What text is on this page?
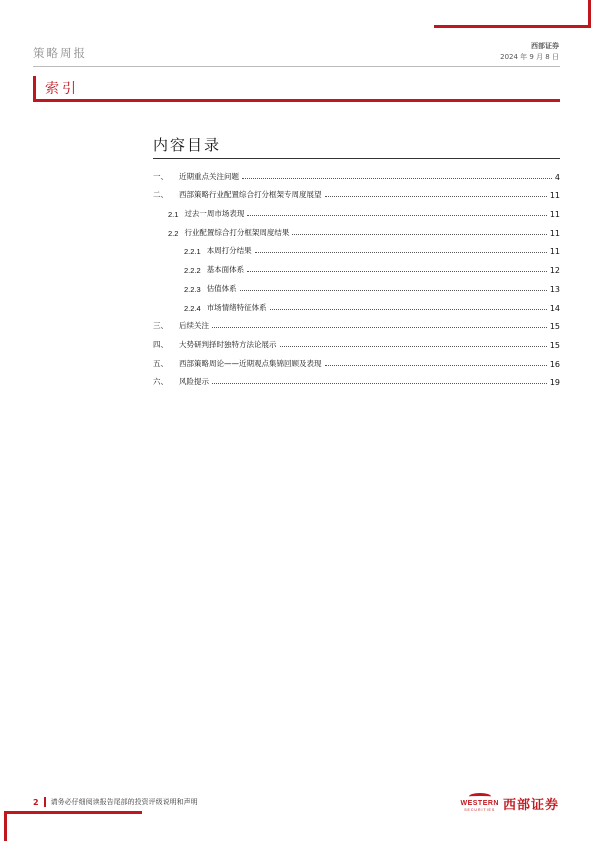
策略周报	西部证券
2024 年 9 月 8 日
索引
内容目录
一、	近期重点关注问题	4
二、	西部策略行业配置综合打分框架专周度展望	11
2.1 过去一周市场表现	11
2.2 行业配置综合打分框架周度结果	11
2.2.1 本周打分结果	11
2.2.2 基本面体系	12
2.2.3 估值体系	13
2.2.4 市场情绪特征体系	14
三、	后续关注	15
四、	大势研判择时独特方法论展示	15
五、	西部策略周论——近期观点集锦回顾及表现	16
六、	风险提示	19
2 请务必仔细阅读报告尾部的投资评级说明和声明	WESTERN
SECURITIES 西部证券
